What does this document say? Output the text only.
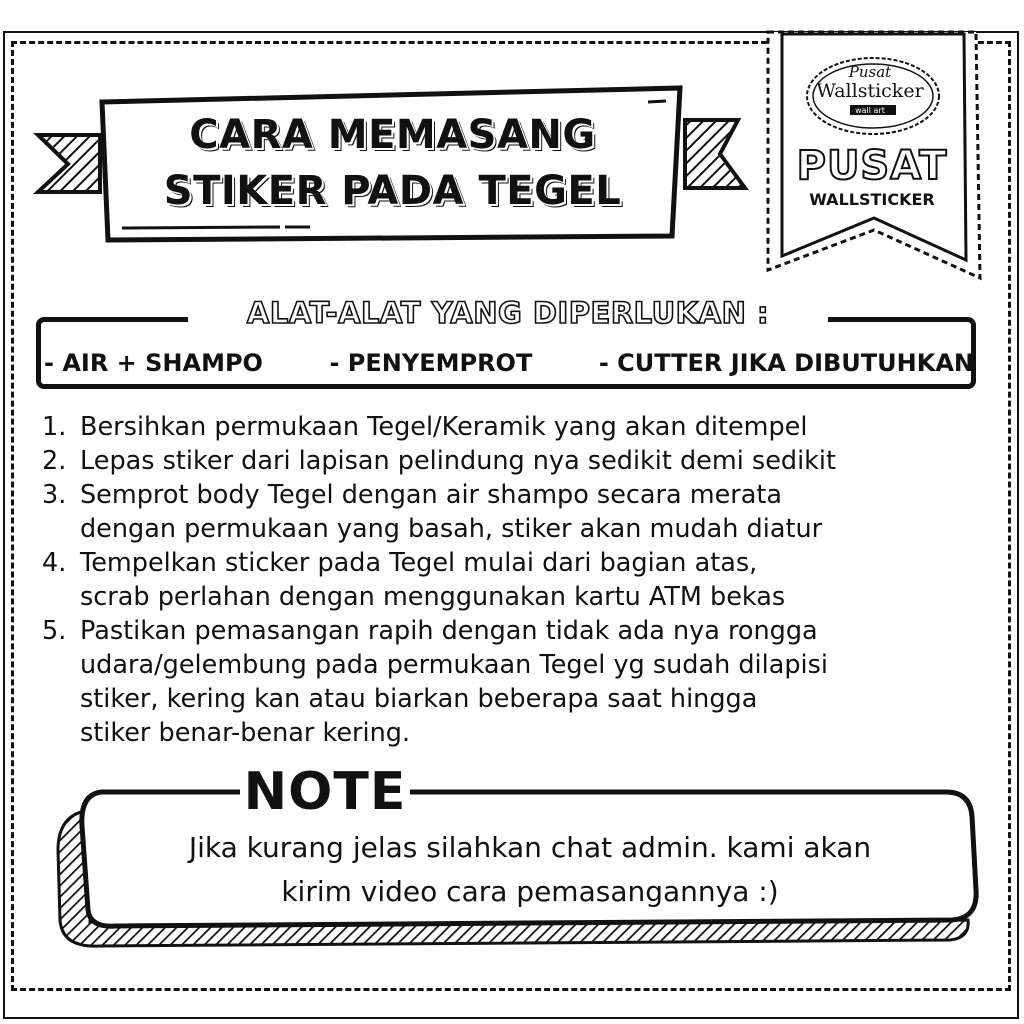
CARA MEMASANG
STIKER PADA TEGEL
Pusat
Wallsticker
wall art
PUSAT
WALLSTICKER
ALAT-ALAT YANG DIPERLUKAN :
- AIR + SHAMPO	- PENYEMPROT	- CUTTER JIKA DIBUTUHKAN
1. Bersihkan permukaan Tegel/Keramik yang akan ditempel
2. Lepas stiker dari lapisan pelindung nya sedikit demi sedikit
3. Semprot body Tegel dengan air shampo secara merata
dengan permukaan yang basah, stiker akan mudah diatur
4. Tempelkan sticker pada Tegel mulai dari bagian atas,
scrab perlahan dengan menggunakan kartu ATM bekas
5. Pastikan pemasangan rapih dengan tidak ada nya rongga
udara/gelembung pada permukaan Tegel yg sudah dilapisi
stiker, kering kan atau biarkan beberapa saat hingga
stiker benar-benar kering.
NOTE
Jika kurang jelas silahkan chat admin. kami akan
kirim video cara pemasangannya :)
